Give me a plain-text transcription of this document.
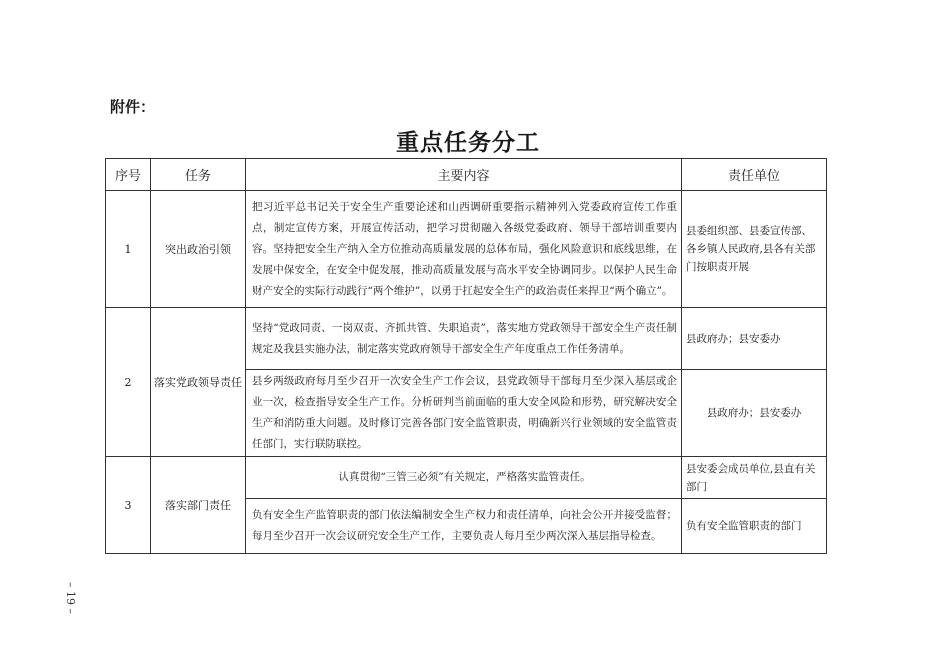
附件：
重点任务分工
序号	任务	主要内容	责任单位
1	突出政治引领	把习近平总书记关于安全生产重要论述和山西调研重要指示精神列入党委政府宣传工作重点，制定宣传方案，开展宣传活动，把学习贯彻融入各级党委政府、领导干部培训重要内容。坚持把安全生产纳入全方位推动高质量发展的总体布局，强化风险意识和底线思维，在发展中保安全，在安全中促发展，推动高质量发展与高水平安全协调同步。以保护人民生命财产安全的实际行动践行“两个维护”，以勇于扛起安全生产的政治责任来捍卫“两个确立”。	县委组织部、县委宣传部、各乡镇人民政府,县各有关部门按职责开展
2	落实党政领导责任	坚持“党政同责、一岗双责、齐抓共管、失职追责”，落实地方党政领导干部安全生产责任制规定及我县实施办法，制定落实党政府领导干部安全生产年度重点工作任务清单。	县政府办；县安委办
		县乡两级政府每月至少召开一次安全生产工作会议，县党政领导干部每月至少深入基层或企业一次，检查指导安全生产工作。分析研判当前面临的重大安全风险和形势，研究解决安全生产和消防重大问题。及时修订完善各部门安全监管职责，明确新兴行业领域的安全监管责任部门，实行联防联控。	县政府办；县安委办
3	落实部门责任	认真贯彻“三管三必须”有关规定，严格落实监管责任。	县安委会成员单位,县直有关部门
		负有安全生产监管职责的部门依法编制安全生产权力和责任清单，向社会公开并接受监督；每月至少召开一次会议研究安全生产工作，主要负责人每月至少两次深入基层指导检查。	负有安全监管职责的部门
– 19 –
